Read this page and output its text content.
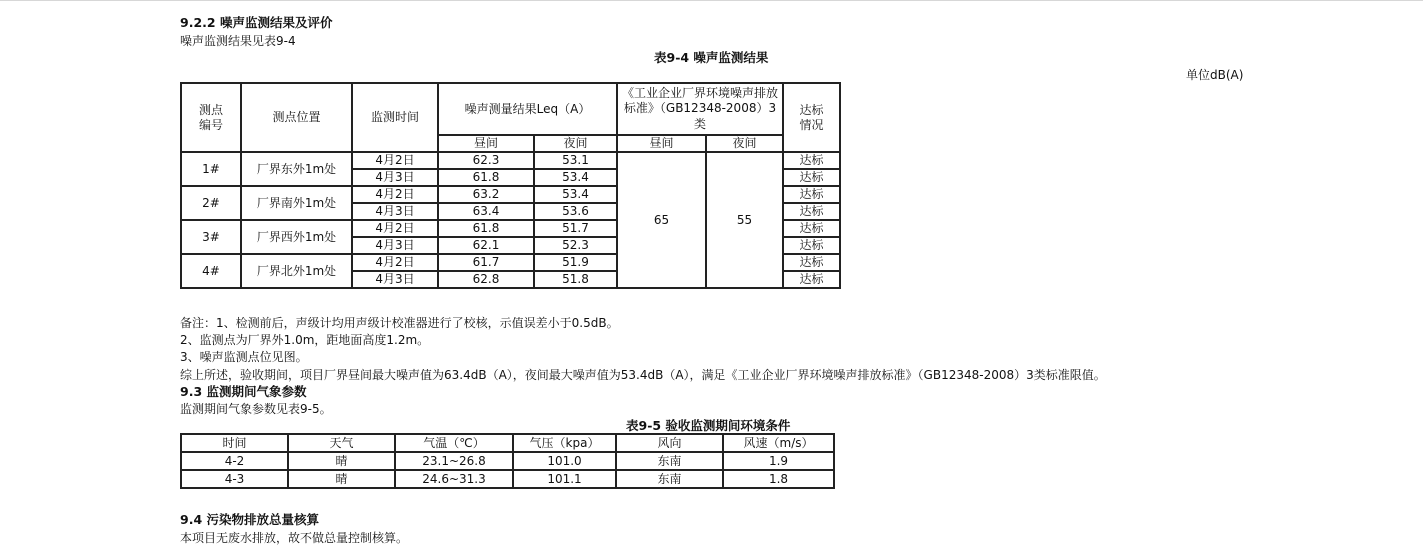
9.2.2 噪声监测结果及评价
噪声监测结果见表9-4
表9-4 噪声监测结果
单位dB(A)
测点
编号	测点位置	监测时间	噪声测量结果Leq（A）		《工业企业厂界环境噪声排放标准》（GB12348-2008）3类		达标
情况
			昼间	夜间	昼间	夜间	
1#	厂界东外1m处	4月2日	62.3	53.1	65	55	达标
		4月3日	61.8	53.4			达标
2#	厂界南外1m处	4月2日	63.2	53.4			达标
		4月3日	63.4	53.6			达标
3#	厂界西外1m处	4月2日	61.8	51.7			达标
		4月3日	62.1	52.3			达标
4#	厂界北外1m处	4月2日	61.7	51.9			达标
		4月3日	62.8	51.8			达标
备注：1、检测前后，声级计均用声级计校准器进行了校核，示值误差小于0.5dB。
2、监测点为厂界外1.0m，距地面高度1.2m。
3、噪声监测点位见图。
综上所述，验收期间，项目厂界昼间最大噪声值为63.4dB（A），夜间最大噪声值为53.4dB（A），满足《工业企业厂界环境噪声排放标准》（GB12348-2008）3类标准限值。
9.3 监测期间气象参数
监测期间气象参数见表9-5。
表9-5 验收监测期间环境条件
时间	天气	气温（℃）	气压（kpa）	风向	风速（m/s）
4-2	晴	23.1~26.8	101.0	东南	1.9
4-3	晴	24.6~31.3	101.1	东南	1.8
9.4 污染物排放总量核算
本项目无废水排放，故不做总量控制核算。
